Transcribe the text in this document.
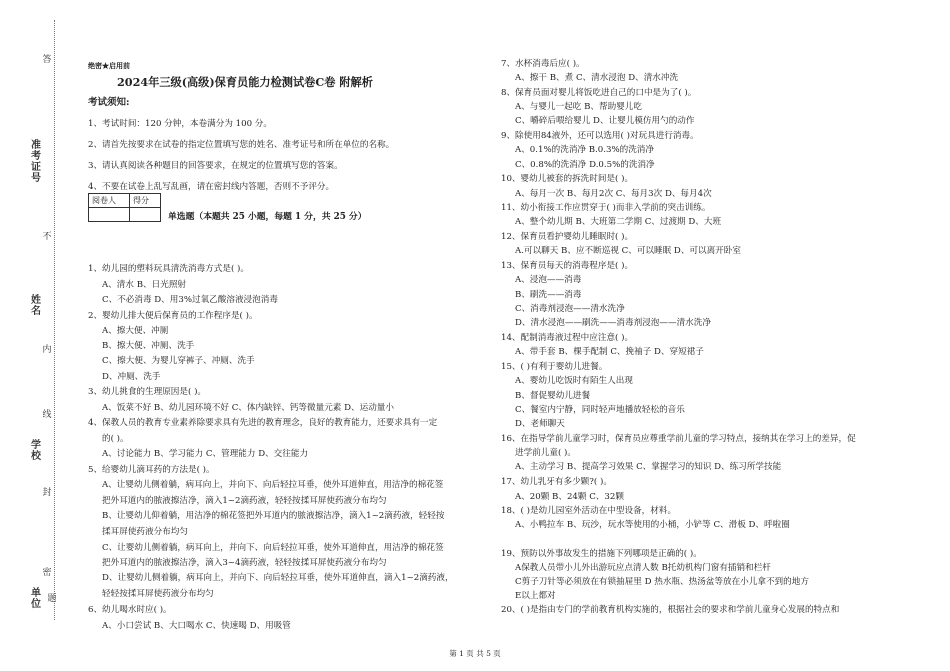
答
不
内
线
封
密
题
准考证号
姓名
学校
单位
绝密★启用前
2024年三级(高级)保育员能力检测试卷C卷 附解析
考试须知:
1、考试时间：120 分钟，本卷满分为 100 分。
2、请首先按要求在试卷的指定位置填写您的姓名、准考证号和所在单位的名称。
3、请认真阅读各种题目的回答要求，在规定的位置填写您的答案。
4、不要在试卷上乱写乱画，请在密封线内答题，否则不予评分。
阅卷人	得分

单选题（本题共 25 小题，每题 1 分，共 25 分）
1、幼儿园的塑料玩具清洗消毒方式是( )。
A、清水 B、日光照射
C、不必消毒 D、用3%过氧乙酸溶液浸泡消毒
2、婴幼儿排大便后保育员的工作程序是( )。
A、擦大便、冲厕
B、擦大便、冲厕、洗手
C、擦大便、为婴儿穿裤子、冲厕、洗手
D、冲厕、洗手
3、幼儿挑食的生理原因是( )。
A、饭菜不好 B、幼儿园环境不好 C、体内缺锌、钙等微量元素 D、运动量小
4、保教人员的教育专业素养除要求具有先进的教育理念，良好的教育能力，还要求具有一定
的( )。
A、讨论能力 B、学习能力 C、管理能力 D、交往能力
5、给婴幼儿滴耳药的方法是( )。
A、让婴幼儿侧着躺，病耳向上，并向下、向后轻拉耳垂，使外耳道伸直，用洁净的棉花签
把外耳道内的脓液擦洁净，滴入1~2滴药液，轻轻按揉耳屏使药液分布均匀
B、让婴幼儿仰着躺，用洁净的棉花签把外耳道内的脓液擦洁净，滴入1~2滴药液，轻轻按
揉耳屏使药液分布均匀
C、让婴幼儿侧着躺，病耳向上，并向下、向后轻拉耳垂，使外耳道伸直，用洁净的棉花签
把外耳道内的脓液擦洁净，滴入3~4滴药液，轻轻按揉耳屏使药液分布均匀
D、让婴幼儿侧着躺，病耳向上，并向下、向后轻拉耳垂，使外耳道伸直，滴入1~2滴药液，
轻轻按揉耳屏使药液分布均匀
6、幼儿喝水时应( )。
A、小口尝试 B、大口喝水 C、快速喝 D、用吸管
7、水杯消毒后应( )。
A、擦干 B、煮 C、清水浸泡 D、清水冲洗
8、保育员面对婴儿将饭吃进自己的口中是为了( )。
A、与婴儿一起吃 B、帮助婴儿吃
C、嚼碎后喂给婴儿 D、让婴儿模仿用勺的动作
9、除使用84液外，还可以选用( )对玩具进行消毒。
A、0.1%的洗消净 B.0.3%的洗消净
C、0.8%的洗消净 D.0.5%的洗消净
10、婴幼儿被套的拆洗时间是( )。
A、每月一次 B、每月2次 C、每月3次 D、每月4次
11、幼小衔接工作应贯穿于( )而非入学前的突击训练。
A、整个幼儿期 B、大班第二学期 C、过渡期 D、大班
12、保育员看护婴幼儿睡眠时( )。
A.可以聊天 B、应不断巡视 C、可以睡眠 D、可以离开卧室
13、保育员每天的消毒程序是( )。
A、浸泡——消毒
B、刷洗——消毒
C、消毒剂浸泡——清水洗净
D、清水浸泡——刷洗——消毒剂浸泡——清水洗净
14、配制消毒液过程中应注意( )。
A、带手套 B、棵手配制 C、挽袖子 D、穿短裙子
15、( )有利于婴幼儿进餐。
A、婴幼儿吃饭时有陌生人出现
B、督促婴幼儿进餐
C、餐室内宁静，同时轻声地播放轻松的音乐
D、老师聊天
16、在指导学前儿童学习时，保育员应尊重学前儿童的学习特点，接纳其在学习上的差异，促
进学前儿童( )。
A、主动学习 B、提高学习效果 C、掌握学习的知识 D、练习所学技能
17、幼儿乳牙有多少颗?( )。
A、20颗 B、24颗 C、32颗
18、( )是幼儿园室外活动在中型设备，材料。
A、小鸭拉车 B、玩沙，玩水等使用的小桶，小铲等 C、滑板 D、呼啦圈
19、预防以外事故发生的措施下列哪项是正确的( )。
A保教人员带小儿外出游玩应点清人数 B托幼机构门窗有插销和栏杆
C剪子刀针等必须放在有锁抽屉里 D 热水瓶、热汤盆等放在小儿拿不到的地方
E以上都对
20、( )是指由专门的学前教育机构实施的，根据社会的要求和学前儿童身心发展的特点和
第 1 页 共 5 页
